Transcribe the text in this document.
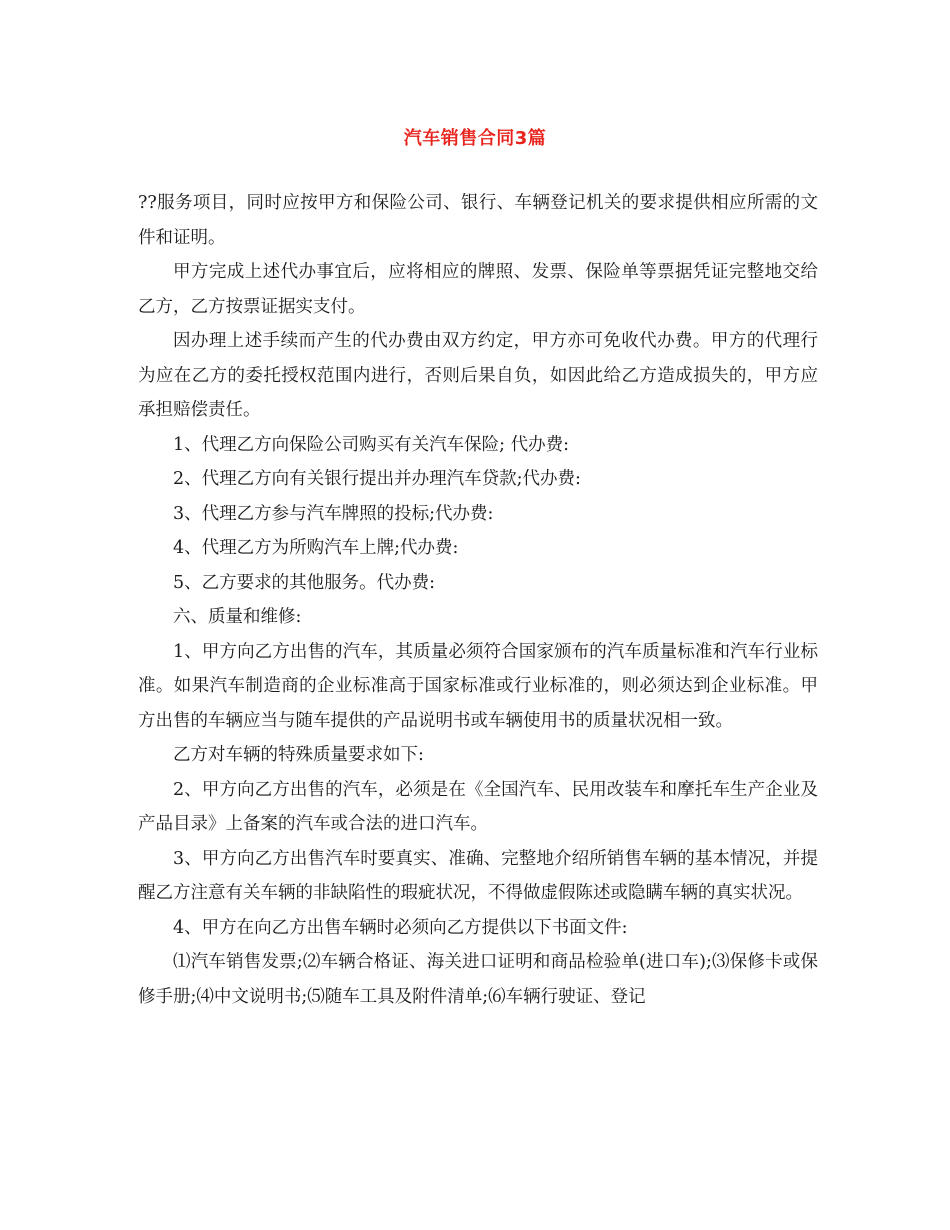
汽车销售合同3篇

??服务项目，同时应按甲方和保险公司、银行、车辆登记机关的要求提供相应所需的文件和证明。

甲方完成上述代办事宜后，应将相应的牌照、发票、保险单等票据凭证完整地交给乙方，乙方按票证据实支付。

因办理上述手续而产生的代办费由双方约定，甲方亦可免收代办费。甲方的代理行为应在乙方的委托授权范围内进行，否则后果自负，如因此给乙方造成损失的，甲方应承担赔偿责任。

1、代理乙方向保险公司购买有关汽车保险; 代办费:

2、代理乙方向有关银行提出并办理汽车贷款;代办费:

3、代理乙方参与汽车牌照的投标;代办费:

4、代理乙方为所购汽车上牌;代办费:

5、乙方要求的其他服务。代办费:

六、质量和维修:

1、甲方向乙方出售的汽车，其质量必须符合国家颁布的汽车质量标准和汽车行业标准。如果汽车制造商的企业标准高于国家标准或行业标准的，则必须达到企业标准。甲方出售的车辆应当与随车提供的产品说明书或车辆使用书的质量状况相一致。

乙方对车辆的特殊质量要求如下:

2、甲方向乙方出售的汽车，必须是在《全国汽车、民用改装车和摩托车生产企业及产品目录》上备案的汽车或合法的进口汽车。

3、甲方向乙方出售汽车时要真实、准确、完整地介绍所销售车辆的基本情况，并提醒乙方注意有关车辆的非缺陷性的瑕疵状况，不得做虚假陈述或隐瞒车辆的真实状况。

4、甲方在向乙方出售车辆时必须向乙方提供以下书面文件:

⑴汽车销售发票;⑵车辆合格证、海关进口证明和商品检验单(进口车);⑶保修卡或保修手册;⑷中文说明书;⑸随车工具及附件清单;⑹车辆行驶证、登记
